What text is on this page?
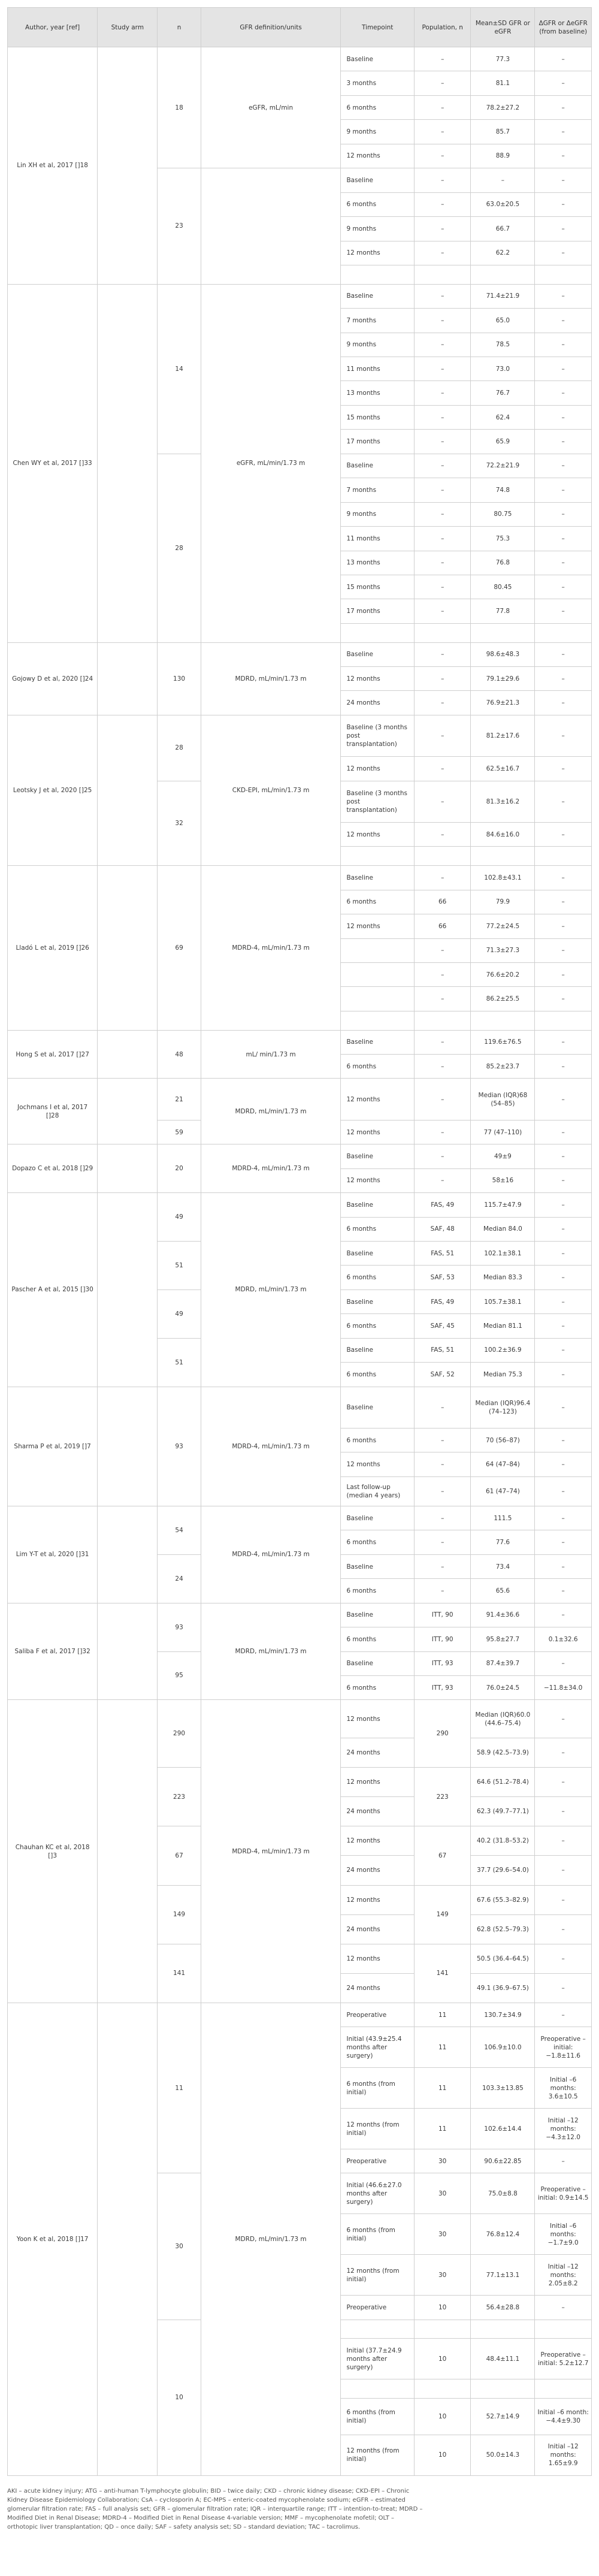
Author, year [ref]	Study arm	n	GFR definition/units	Timepoint	Population, n	Mean±SD GFR or eGFR	ΔGFR or ΔeGFR (from baseline)
Lin XH et al, 2017 []18		18	eGFR, mL/min	Baseline	–	77.3	–
				3 months	–	81.1	–
				6 months	–	78.2±27.2	–
				9 months	–	85.7	–
				12 months	–	88.9	–
		23		Baseline	–	–	–
				6 months	–	63.0±20.5	–
				9 months	–	66.7	–
				12 months	–	62.2	–

Chen WY et al, 2017 []33		14	eGFR, mL/min/1.73 m	Baseline	–	71.4±21.9	–
				7 months	–	65.0	–
				9 months	–	78.5	–
				11 months	–	73.0	–
				13 months	–	76.7	–
				15 months	–	62.4	–
				17 months	–	65.9	–
		28		Baseline	–	72.2±21.9	–
				7 months	–	74.8	–
				9 months	–	80.75	–
				11 months	–	75.3	–
				13 months	–	76.8	–
				15 months	–	80.45	–
				17 months	–	77.8	–

Gojowy D et al, 2020 []24		130	MDRD, mL/min/1.73 m	Baseline	–	98.6±48.3	–
				12 months	–	79.1±29.6	–
				24 months	–	76.9±21.3	–
Leotsky J et al, 2020 []25		28	CKD-EPI, mL/min/1.73 m	Baseline (3 months post transplantation)	–	81.2±17.6	–
				12 months	–	62.5±16.7	–
		32		Baseline (3 months post transplantation)	–	81.3±16.2	–
				12 months	–	84.6±16.0	–

Lladó L et al, 2019 []26		69	MDRD-4, mL/min/1.73 m	Baseline	–	102.8±43.1	–
				6 months	66	79.9	–
				12 months	66	77.2±24.5	–
					–	71.3±27.3	–
					–	76.6±20.2	–
					–	86.2±25.5	–

Hong S et al, 2017 []27		48	mL/ min/1.73 m	Baseline	–	119.6±76.5	–
				6 months	–	85.2±23.7	–
Jochmans I et al, 2017 []28		21	MDRD, mL/min/1.73 m	12 months	–	Median (IQR)68 (54–85)	–
		59		12 months	–	77 (47–110)	–
Dopazo C et al, 2018 []29		20	MDRD-4, mL/min/1.73 m	Baseline	–	49±9	–
				12 months	–	58±16	–
Pascher A et al, 2015 []30		49	MDRD, mL/min/1.73 m	Baseline	FAS, 49	115.7±47.9	–
				6 months	SAF, 48	Median 84.0	–
		51		Baseline	FAS, 51	102.1±38.1	–
				6 months	SAF, 53	Median 83.3	–
		49		Baseline	FAS, 49	105.7±38.1	–
				6 months	SAF, 45	Median 81.1	–
		51		Baseline	FAS, 51	100.2±36.9	–
				6 months	SAF, 52	Median 75.3	–
Sharma P et al, 2019 []7		93	MDRD-4, mL/min/1.73 m	Baseline	–	Median (IQR)96.4 (74–123)	–
				6 months	–	70 (56–87)	–
				12 months	–	64 (47–84)	–
				Last follow-up (median 4 years)	–	61 (47–74)	–
Lim Y-T et al, 2020 []31		54	MDRD-4, mL/min/1.73 m	Baseline	–	111.5	–
				6 months	–	77.6	–
		24		Baseline	–	73.4	–
				6 months	–	65.6	–
Saliba F et al, 2017 []32		93	MDRD, mL/min/1.73 m	Baseline	ITT, 90	91.4±36.6	–
				6 months	ITT, 90	95.8±27.7	0.1±32.6
		95		Baseline	ITT, 93	87.4±39.7	–
				6 months	ITT, 93	76.0±24.5	−11.8±34.0
Chauhan KC et al, 2018 []3		290	MDRD-4, mL/min/1.73 m	12 months	290	Median (IQR)60.0 (44.6–75.4)	–
				24 months		58.9 (42.5–73.9)	–
		223		12 months	223	64.6 (51.2–78.4)	–
				24 months		62.3 (49.7–77.1)	–
		67		12 months	67	40.2 (31.8–53.2)	–
				24 months		37.7 (29.6–54.0)	–
		149		12 months	149	67.6 (55.3–82.9)	–
				24 months		62.8 (52.5–79.3)	–
		141		12 months	141	50.5 (36.4–64.5)	–
				24 months		49.1 (36.9–67.5)	–
Yoon K et al, 2018 []17		11	MDRD, mL/min/1.73 m	Preoperative	11	130.7±34.9	–
				Initial (43.9±25.4 months after surgery)	11	106.9±10.0	Preoperative –initial: −1.8±11.6
				6 months (from initial)	11	103.3±13.85	Initial –6 months: 3.6±10.5
				12 months (from initial)	11	102.6±14.4	Initial –12 months: −4.3±12.0
				Preoperative	30	90.6±22.85	–
		30		Initial (46.6±27.0 months after surgery)	30	75.0±8.8	Preoperative –initial: 0.9±14.5
				6 months (from initial)	30	76.8±12.4	Initial –6 months: −1.7±9.0
				12 months (from initial)	30	77.1±13.1	Initial –12 months: 2.05±8.2
				Preoperative	10	56.4±28.8	–
		10					
				Initial (37.7±24.9 months after surgery)	10	48.4±11.1	Preoperative –initial: 5.2±12.7

				6 months (from initial)	10	52.7±14.9	Initial –6 month: −4.4±9.30
				12 months (from initial)	10	50.0±14.3	Initial –12 months: 1.65±9.9
AKI – acute kidney injury; ATG – anti-human T-lymphocyte globulin; BID – twice daily; CKD – chronic kidney disease; CKD-EPI – Chronic Kidney Disease Epidemiology Collaboration; CsA – cyclosporin A; EC-MPS – enteric-coated mycophenolate sodium; eGFR – estimated glomerular filtration rate; FAS – full analysis set; GFR – glomerular filtration rate; IQR – interquartile range; ITT – intention-to-treat; MDRD – Modified Diet in Renal Disease; MDRD-4 – Modified Diet in Renal Disease 4-variable version; MMF – mycophenolate mofetil; OLT – orthotopic liver transplantation; QD – once daily; SAF – safety analysis set; SD – standard deviation; TAC – tacrolimus.
